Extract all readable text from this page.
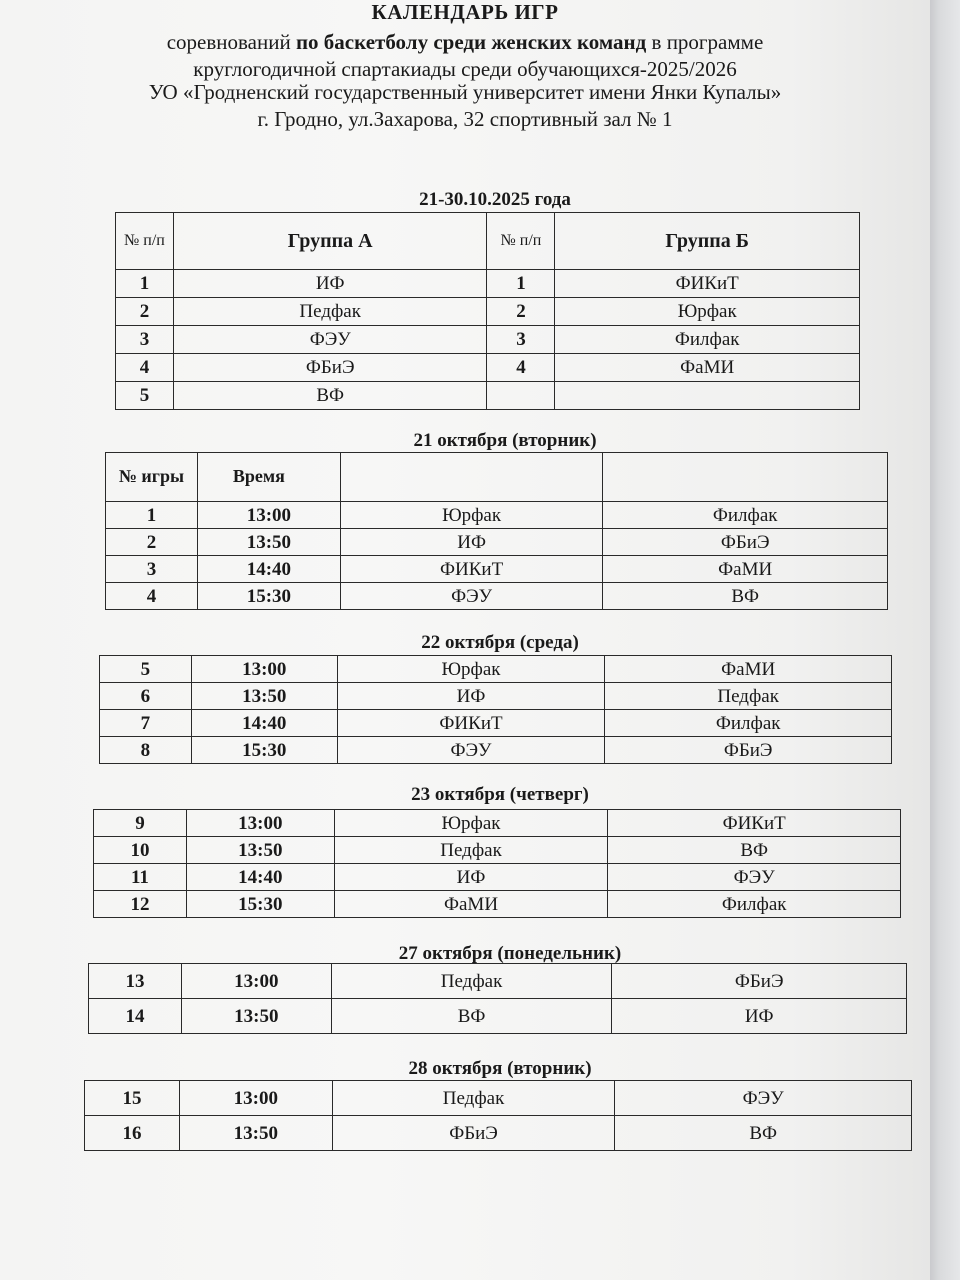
КАЛЕНДАРЬ ИГР
соревнований по баскетболу среди женских команд в программе
круглогодичной спартакиады среди обучающихся-2025/2026
УО «Гродненский государственный университет имени Янки Купалы»
г. Гродно, ул.Захарова, 32 спортивный зал № 1
21-30.10.2025 года
№ п/п	Группа А	№ п/п	Группа Б
1	ИФ	1	ФИКиТ
2	Педфак	2	Юрфак
3	ФЭУ	3	Филфак
4	ФБиЭ	4	ФаМИ
5	ВФ		
21 октября (вторник)
№ игры	Время		
1	13:00	Юрфак	Филфак
2	13:50	ИФ	ФБиЭ
3	14:40	ФИКиТ	ФаМИ
4	15:30	ФЭУ	ВФ
22 октября (среда)
5	13:00	Юрфак	ФаМИ
6	13:50	ИФ	Педфак
7	14:40	ФИКиТ	Филфак
8	15:30	ФЭУ	ФБиЭ
23 октября (четверг)
9	13:00	Юрфак	ФИКиТ
10	13:50	Педфак	ВФ
11	14:40	ИФ	ФЭУ
12	15:30	ФаМИ	Филфак
27 октября (понедельник)
13	13:00	Педфак	ФБиЭ
14	13:50	ВФ	ИФ
28 октября (вторник)
15	13:00	Педфак	ФЭУ
16	13:50	ФБиЭ	ВФ
